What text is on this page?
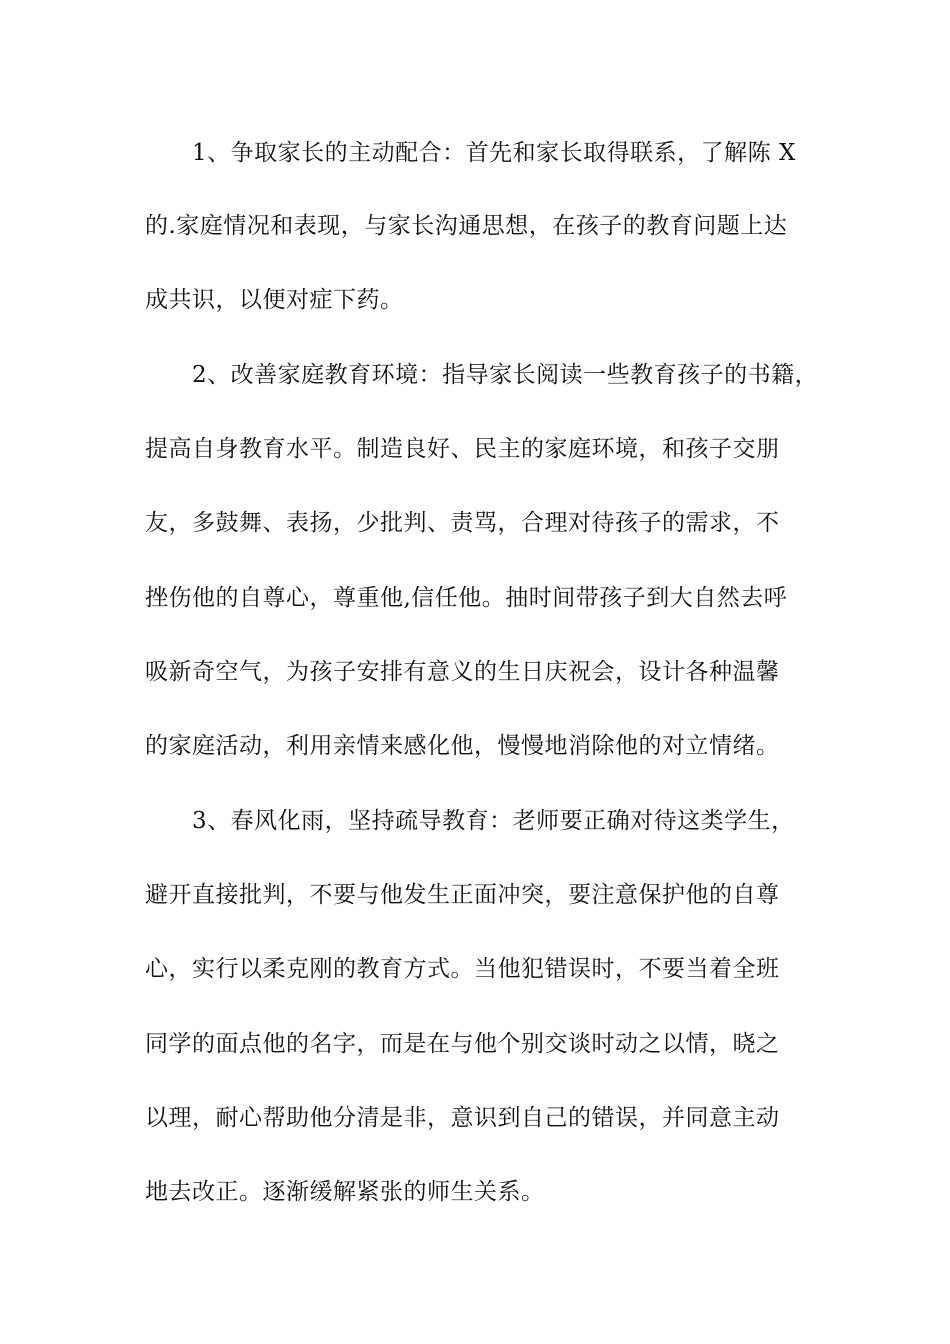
1、争取家长的主动配合：首先和家长取得联系，了解陈 X
的.家庭情况和表现，与家长沟通思想，在孩子的教育问题上达
成共识，以便对症下药。
2、改善家庭教育环境：指导家长阅读一些教育孩子的书籍，
提高自身教育水平。制造良好、民主的家庭环境，和孩子交朋
友，多鼓舞、表扬，少批判、责骂，合理对待孩子的需求，不
挫伤他的自尊心，尊重他,信任他。抽时间带孩子到大自然去呼
吸新奇空气，为孩子安排有意义的生日庆祝会，设计各种温馨
的家庭活动，利用亲情来感化他，慢慢地消除他的对立情绪。
3、春风化雨，坚持疏导教育：老师要正确对待这类学生，
避开直接批判，不要与他发生正面冲突，要注意保护他的自尊
心，实行以柔克刚的教育方式。当他犯错误时，不要当着全班
同学的面点他的名字，而是在与他个别交谈时动之以情，晓之
以理，耐心帮助他分清是非，意识到自己的错误，并同意主动
地去改正。逐渐缓解紧张的师生关系。
